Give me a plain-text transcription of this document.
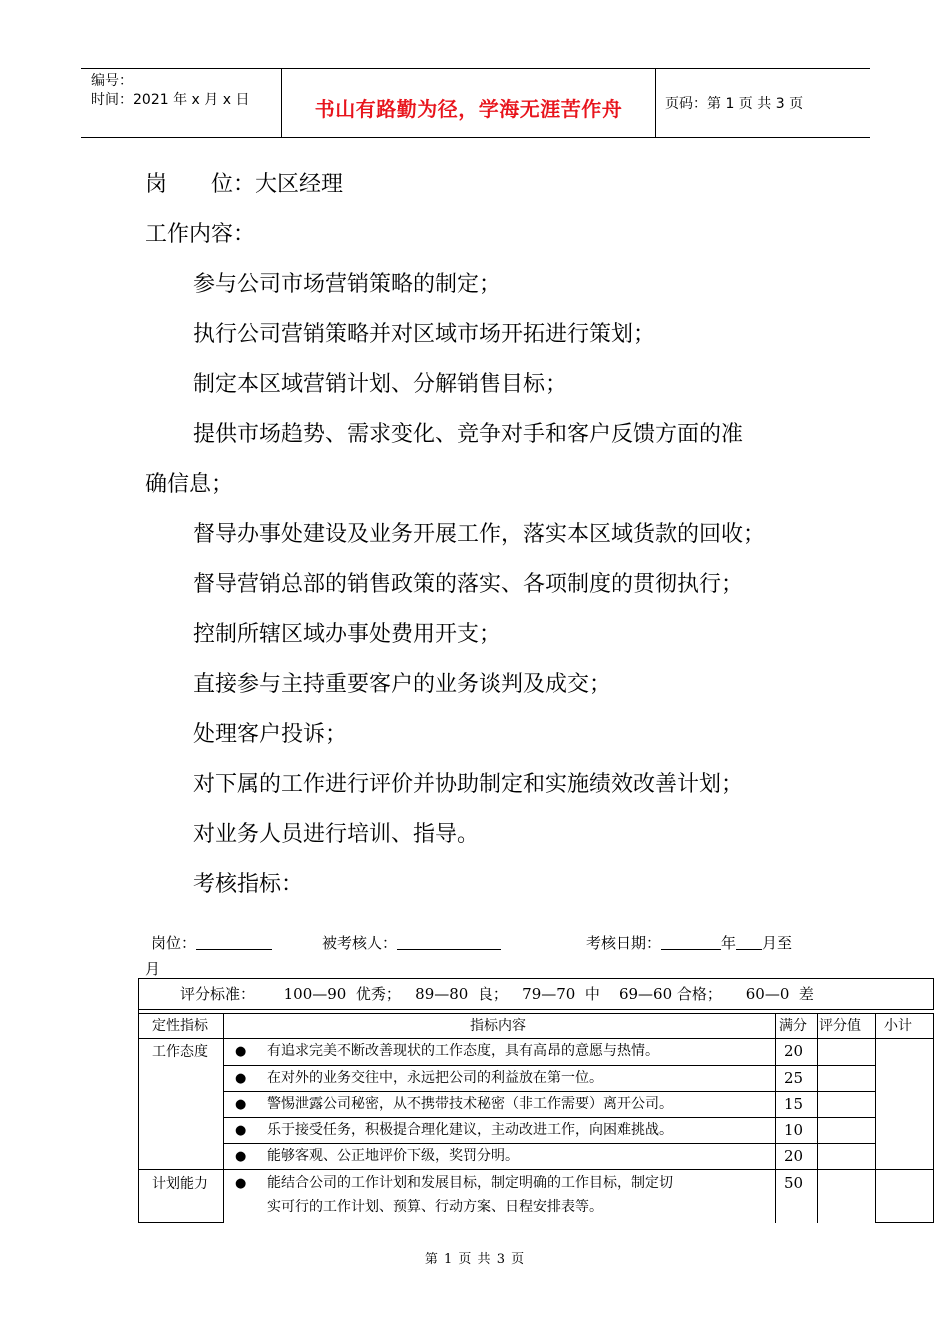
编号：
时间：2021 年 x 月 x 日	书山有路勤为径，学海无涯苦作舟	页码：第 1 页 共 3 页
岗 位：大区经理
工作内容：
参与公司市场营销策略的制定；
执行公司营销策略并对区域市场开拓进行策划；
制定本区域营销计划、分解销售目标；
提供市场趋势、需求变化、竞争对手和客户反馈方面的准
确信息；
督导办事处建设及业务开展工作，落实本区域货款的回收；
督导营销总部的销售政策的落实、各项制度的贯彻执行；
控制所辖区域办事处费用开支；
直接参与主持重要客户的业务谈判及成交；
处理客户投诉；
对下属的工作进行评价并协助制定和实施绩效改善计划；
对业务人员进行培训、指导。
考核指标：
岗位：	被考核人：	考核日期：	年 月至
月
评分标准：      100—90  优秀；   89—80  良；   79—70  中    69—60 合格；     60—0  差
定性指标	指标内容	满分 评分值 小计
工作态度 ● 有追求完美不断改善现状的工作态度，具有高昂的意愿与热情。	20
● 在对外的业务交往中，永远把公司的利益放在第一位。	25
● 警惕泄露公司秘密，从不携带技术秘密（非工作需要）离开公司。	15
● 乐于接受任务，积极提合理化建议，主动改进工作，向困难挑战。	10
● 能够客观、公正地评价下级，奖罚分明。	20
计划能力 ● 能结合公司的工作计划和发展目标，制定明确的工作目标，制定切
实可行的工作计划、预算、行动方案、日程安排表等。
50
第 1 页 共 3 页
